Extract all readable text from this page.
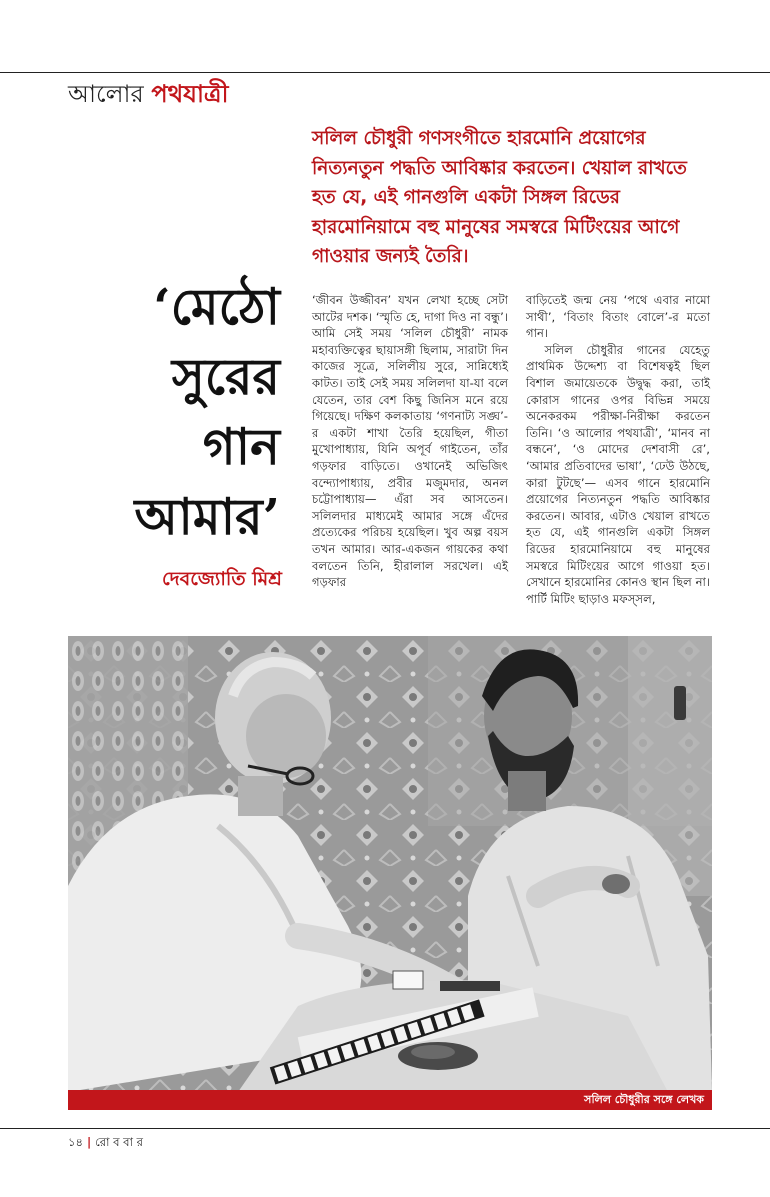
আলোর পথযাত্রী
সলিল চৌধুরী গণসংগীতে হারমোনি প্রয়োগের নিত্যনতুন পদ্ধতি আবিষ্কার করতেন। খেয়াল রাখতে হত যে, এই গানগুলি একটা সিঙ্গল রিডের হারমোনিয়ামে বহু মানুষের সমস্বরে মিটিংয়ের আগে গাওয়ার জন্যই তৈরি।
‘মেঠো
সুরের
গান
আমার’
দেবজ্যোতি মিশ্র

‘জীবন উজ্জীবন’ যখন লেখা হচ্ছে সেটা আটের দশক। ‘স্মৃতি হে, দাগা দিও না বন্ধু’। আমি সেই সময় ‘সলিল চৌধুরী’ নামক মহাব্যক্তিত্বের ছায়াসঙ্গী ছিলাম, সারাটা দিন কাজের সূত্রে, সলিলীয় সুরে, সান্নিধ্যেই কাটত। তাই সেই সময় সলিলদা যা-যা বলে যেতেন, তার বেশ কিছু জিনিস মনে রয়ে গিয়েছে। দক্ষিণ কলকাতায় ‘গণনাট্য সঙ্ঘ’-র একটা শাখা তৈরি হয়েছিল, গীতা মুখোপাধ্যায়, যিনি অপূর্ব গাইতেন, তাঁর গড়ফার বাড়িতে। ওখানেই অভিজিৎ বন্দ্যোপাধ্যায়, প্রবীর মজুমদার, অনল চট্টোপাধ্যায়— এঁরা সব আসতেন। সলিলদার মাধ্যমেই আমার সঙ্গে এঁদের প্রত্যেকের পরিচয় হয়েছিল। খুব অল্প বয়স তখন আমার। আর-একজন গায়কের কথা বলতেন তিনি, হীরালাল সরখেল। এই গড়ফার

বাড়িতেই জন্ম নেয় ‘পথে এবার নামো সাথী’, ‘বিতাং বিতাং বোলে’-র মতো গান।

সলিল চৌধুরীর গানের যেহেতু প্রাথমিক উদ্দেশ্য বা বিশেষত্বই ছিল বিশাল জমায়েতকে উদ্বুদ্ধ করা, তাই কোরাস গানের ওপর বিভিন্ন সময়ে অনেকরকম পরীক্ষা-নিরীক্ষা করতেন তিনি। ‘ও আলোর পথযাত্রী’, ‘মানব না বন্ধনে’, ‘ও মোদের দেশবাসী রে’, ‘আমার প্রতিবাদের ভাষা’, ‘ঢেউ উঠছে, কারা টুটছে’— এসব গানে হারমোনি প্রয়োগের নিত্যনতুন পদ্ধতি আবিষ্কার করতেন। আবার, এটাও খেয়াল রাখতে হত যে, এই গানগুলি একটা সিঙ্গল রিডের হারমোনিয়ামে বহু মানুষের সমস্বরে মিটিংয়ের আগে গাওয়া হত। সেখানে হারমোনির কোনও স্থান ছিল না। পার্টি মিটিং ছাড়াও মফস্সল,

সলিল চৌধুরীর সঙ্গে লেখক
১৪ | রো ব বা র
